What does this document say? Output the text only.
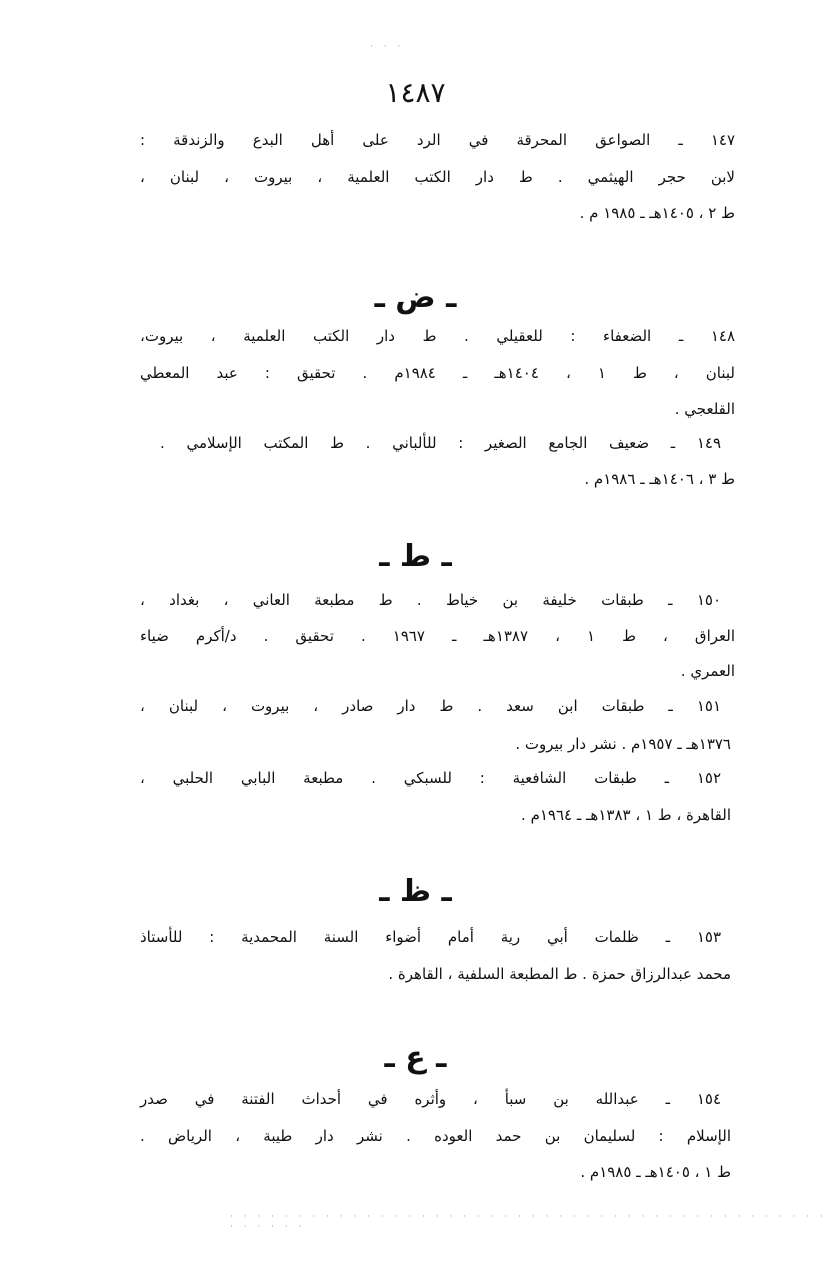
١٤٨٧
· · ·
· · · · · · · · · · · · · · · · · · · · · · · · · · · · · · · · · · · · · · · · · · · · · · · · · ·
١٤٧ ـ الصواعق المحرقة في الرد على أهل البدع والزندقة :
لابن حجر الهيثمي . ط دار الكتب العلمية ، بيروت ، لبنان ،
ط ٢ ، ١٤٠٥هـ ـ ١٩٨٥ م .
ـ ض ـ
١٤٨ ـ الضعفاء : للعقيلي . ط دار الكتب العلمية ، بيروت،
لبنان ، ط ١ ، ١٤٠٤هـ ـ ١٩٨٤م . تحقيق : عبد المعطي
القلعجي .
١٤٩ ـ ضعيف الجامع الصغير : للألباني . ط المكتب الإسلامي .
ط ٣ ، ١٤٠٦هـ ـ ١٩٨٦م .
ـ ط ـ
١٥٠ ـ طبقات خليفة بن خياط . ط مطبعة العاني ، بغداد ،
العراق ، ط ١ ، ١٣٨٧هـ ـ ١٩٦٧ . تحقيق . د/أكرم ضياء
العمري .
١٥١ ـ طبقات ابن سعد . ط دار صادر ، بيروت ، لبنان ،
١٣٧٦هـ ـ ١٩٥٧م . نشر دار بيروت .
١٥٢ ـ طبقات الشافعية : للسبكي . مطبعة البابي الحلبي ،
القاهرة ، ط ١ ، ١٣٨٣هـ ـ ١٩٦٤م .
ـ ظ ـ
١٥٣ ـ ظلمات أبي رية أمام أضواء السنة المحمدية : للأستاذ
محمد عبدالرزاق حمزة . ط المطبعة السلفية ، القاهرة .
ـ ع ـ
١٥٤ ـ عبدالله بن سبأ ، وأثره في أحداث الفتنة في صدر
الإسلام : لسليمان بن حمد العوده . نشر دار طيبة ، الرياض .
ط ١ ، ١٤٠٥هـ ـ ١٩٨٥م .
